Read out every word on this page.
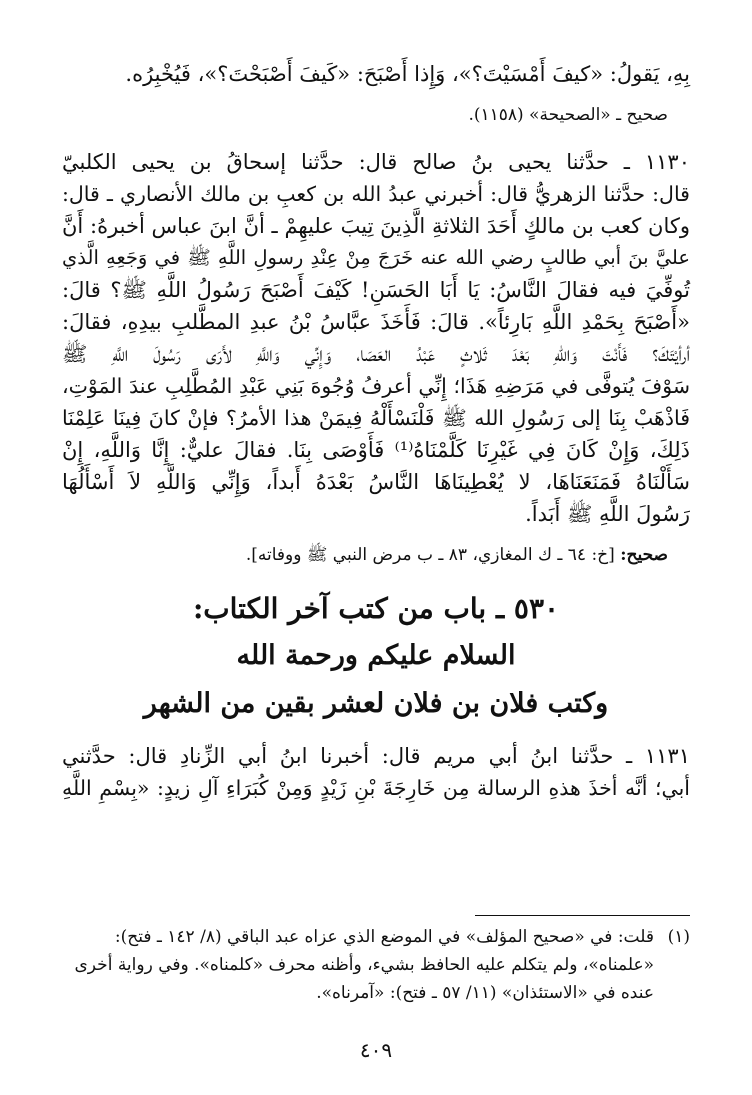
بِهِ، يَقولُ: «كيفَ أَمْسَيْتَ؟»، وَإِذا أَصْبَحَ: «كَيفَ أَصْبَحْتَ؟»، فَيُخْبِرُه.
صحيح ـ «الصحيحة» (١١٥٨).
١١٣٠ ـ حدَّثنا يحيى بنُ صالح قال: حدَّثنا إسحاقُ بن يحيى الكلبيّ
قال: حدَّثنا الزهريُّ قال: أخبرني عبدُ الله بن كعبِ بن مالك الأنصاري ـ قال:
وكان كعب بن مالكٍ أَحَدَ الثلاثةِ الَّذِينَ تِيبَ عليهِمْ ـ أنَّ ابنَ عباس أخبرهُ: أَنَّ
عليَّ بنَ أبي طالبٍ رضي الله عنه خَرَجَ مِنْ عِنْدِ رسولِ اللَّهِ ﷺ في وَجَعِهِ الَّذي
تُوفِّيَ فيه فقالَ النَّاسُ: يَا أَبَا الحَسَنِ! كَيْفَ أَصْبَحَ رَسُولُ اللَّهِ ﷺ؟ قالَ:
«أَصْبَحَ بِحَمْدِ اللَّهِ بَارِئاً». قالَ: فَأَخَذَ عبَّاسُ بْنُ عبدِ المطَّلبِ بيدِهِ، فقالَ:
أرأيْتَكَ؟ فَأَنْتَ وَاللهِ بَعْدَ ثَلاثٍ عَبْدُ العَصَا، وَإِنِّي وَاللَّهِ لأَرَى رَسُولَ اللَّهِ ﷺ
سَوْفَ يُتوفَّى في مَرَضِهِ هَذَا؛ إِنِّي أعرفُ وُجُوهَ بَنِي عَبْدِ المُطَّلِبِ عندَ المَوْتِ،
فَاذْهَبْ بِنَا إلى رَسُولِ الله ﷺ فَلْنَسْأَلْهُ فِيمَنْ هذا الأمرُ؟ فإنْ كانَ فِينَا عَلِمْنَا
ذَلِكَ، وَإِنْ كَانَ فِي غَيْرِنَا كَلَّمْنَاهُ⁽¹⁾ فَأَوْصَى بِنَا. فقالَ عليٌّ: إِنَّا وَاللَّهِ، إِنْ
سَأَلْنَاهُ فَمَنَعَنَاهَا، لا يُعْطِينَاهَا النَّاسُ بَعْدَهُ أَبداً، وَإِنِّي وَاللَّهِ لاَ أَسْأَلُهَا
رَسُولَ اللَّهِ ﷺ أَبَداً.
صحيح: [خ: ٦٤ ـ ك المغازي، ٨٣ ـ ب مرض النبي ﷺ ووفاته].
٥٣٠ ـ باب من كتب آخر الكتاب:
السلام عليكم ورحمة الله
وكتب فلان بن فلان لعشر بقين من الشهر
١١٣١ ـ حدَّثنا ابنُ أبي مريم قال: أخبرنا ابنُ أبي الزِّنادِ قال: حدَّثني
أبي؛ أنَّه أخذَ هذهِ الرسالة مِن خَارِجَةَ بْنِ زَيْدٍ وَمِنْ كُبَرَاءِ آلِ زيدٍ: «بِسْمِ اللَّهِ
(١)قلت: في «صحيح المؤلف» في الموضع الذي عزاه عبد الباقي (٨/ ١٤٢ ـ فتح):
«علمناه»، ولم يتكلم عليه الحافظ بشيء، وأظنه محرف «كلمناه». وفي رواية أخرى
عنده في «الاستئذان» (١١/ ٥٧ ـ فتح): «آمرناه».
٤٠٩
